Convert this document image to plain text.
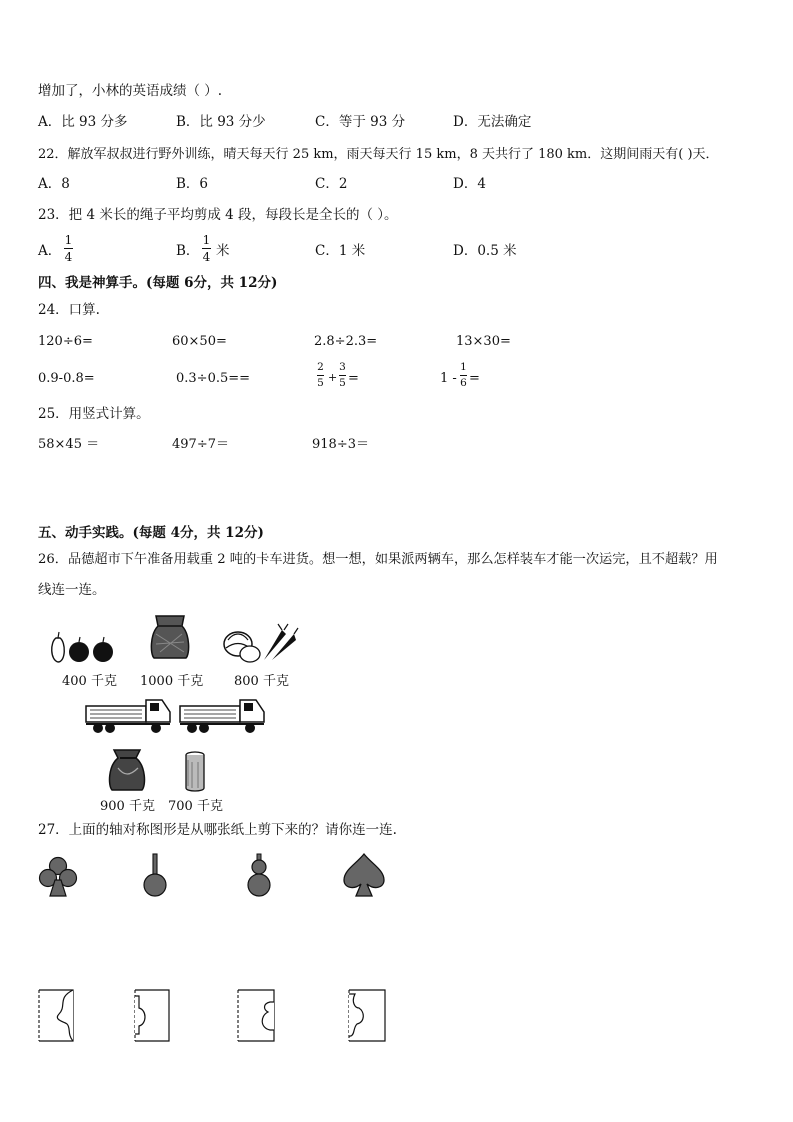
增加了，小林的英语成绩（ ）.
A．比 93 分多	B．比 93 分少	C．等于 93 分	D．无法确定
22．解放军叔叔进行野外训练，晴天每天行 25 km，雨天每天行 15 km，8 天共行了 180 km．这期间雨天有( )天．
A．8	B．6	C．2	D．4
23．把 4 米长的绳子平均剪成 4 段，每段长是全长的（ ）。
A．
1
4	B．
1
4 米	C．1 米	D．0.5 米
四、我是神算手。(每题 6分，共 12分)
24．口算.
120÷6=	60×50=	2.8÷2.3=	13×30=
0.9-0.8=	0.3÷0.5==
2
5 +
3
5 =	1 -
1
6 =
25．用竖式计算。
58×45 ＝	497÷7＝	918÷3＝
五、动手实践。(每题 4分，共 12分)
26．品德超市下午准备用载重 2 吨的卡车进货。想一想，如果派两辆车，那么怎样装车才能一次运完，且不超载？用
线连一连。
400 千克 1000 千克 800 千克
900 千克 700 千克
27．上面的轴对称图形是从哪张纸上剪下来的？请你连一连.
